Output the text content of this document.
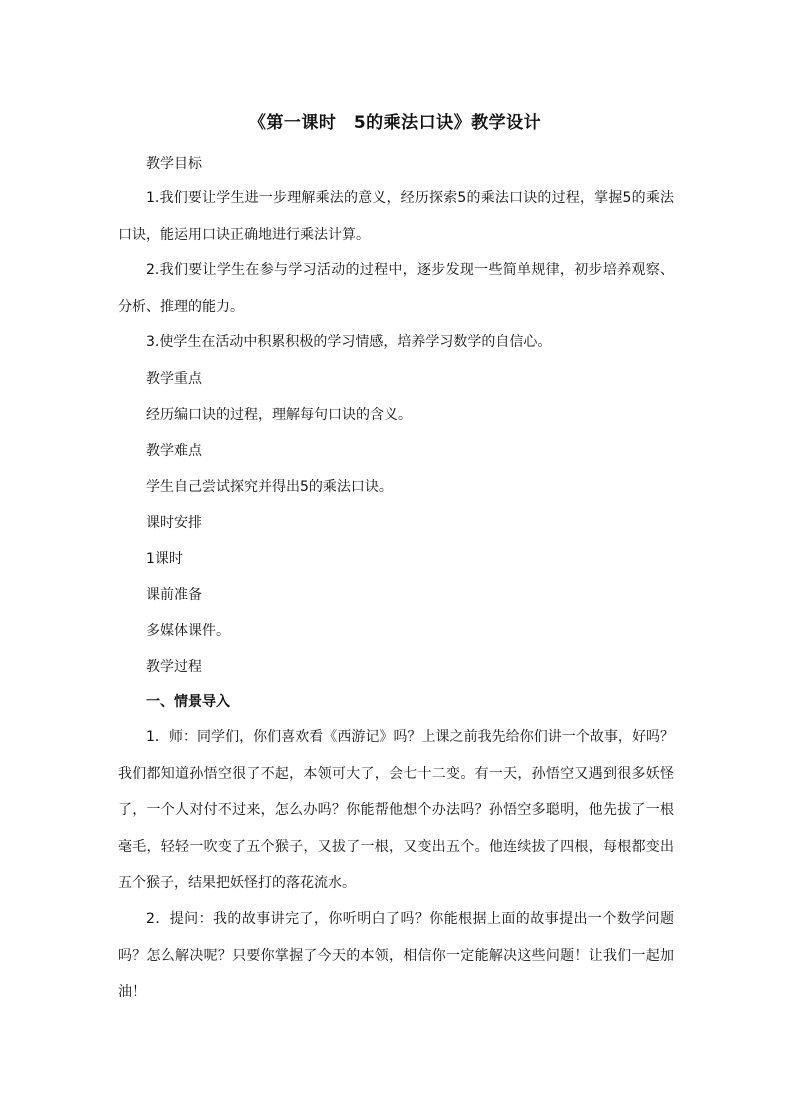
《第一课时　5的乘法口诀》教学设计

教学目标

1.我们要让学生进一步理解乘法的意义，经历探索5的乘法口诀的过程，掌握5的乘法口诀，能运用口诀正确地进行乘法计算。

2.我们要让学生在参与学习活动的过程中，逐步发现一些简单规律，初步培养观察、分析、推理的能力。

3.使学生在活动中积累积极的学习情感，培养学习数学的自信心。

教学重点

经历编口诀的过程，理解每句口诀的含义。

教学难点

学生自己尝试探究并得出5的乘法口诀。

课时安排

1课时

课前准备

多媒体课件。

教学过程

一、情景导入

1．师：同学们，你们喜欢看《西游记》吗？上课之前我先给你们讲一个故事，好吗？我们都知道孙悟空很了不起，本领可大了，会七十二变。有一天，孙悟空又遇到很多妖怪了，一个人对付不过来，怎么办吗？你能帮他想个办法吗？孙悟空多聪明，他先拔了一根毫毛，轻轻一吹变了五个猴子，又拔了一根，又变出五个。他连续拔了四根，每根都变出五个猴子，结果把妖怪打的落花流水。

2．提问：我的故事讲完了，你听明白了吗？你能根据上面的故事提出一个数学问题吗？怎么解决呢？只要你掌握了今天的本领，相信你一定能解决这些问题！让我们一起加油！
